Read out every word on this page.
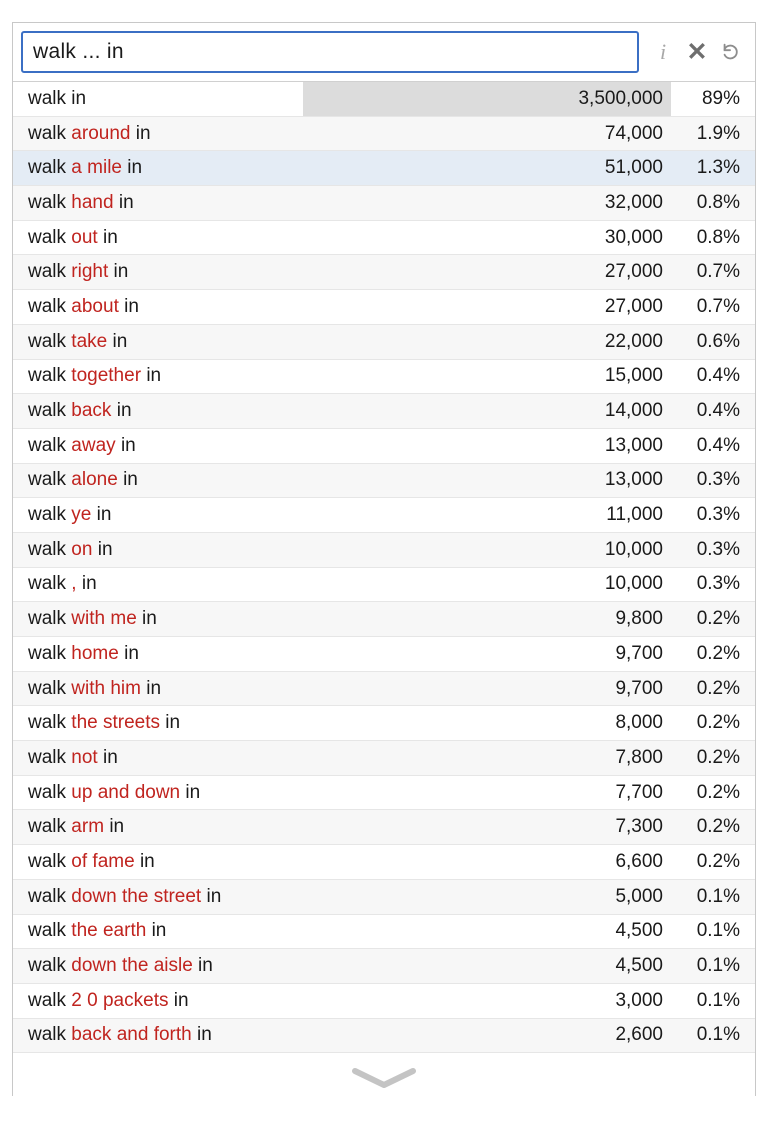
walk ... in	i ✕
walk in	3,500,000	89%
walk around in	74,000	1.9%
walk a mile in	51,000	1.3%
walk hand in	32,000	0.8%
walk out in	30,000	0.8%
walk right in	27,000	0.7%
walk about in	27,000	0.7%
walk take in	22,000	0.6%
walk together in	15,000	0.4%
walk back in	14,000	0.4%
walk away in	13,000	0.4%
walk alone in	13,000	0.3%
walk ye in	11,000	0.3%
walk on in	10,000	0.3%
walk , in	10,000	0.3%
walk with me in	9,800	0.2%
walk home in	9,700	0.2%
walk with him in	9,700	0.2%
walk the streets in	8,000	0.2%
walk not in	7,800	0.2%
walk up and down in	7,700	0.2%
walk arm in	7,300	0.2%
walk of fame in	6,600	0.2%
walk down the street in	5,000	0.1%
walk the earth in	4,500	0.1%
walk down the aisle in	4,500	0.1%
walk 2 0 packets in	3,000	0.1%
walk back and forth in	2,600	0.1%
